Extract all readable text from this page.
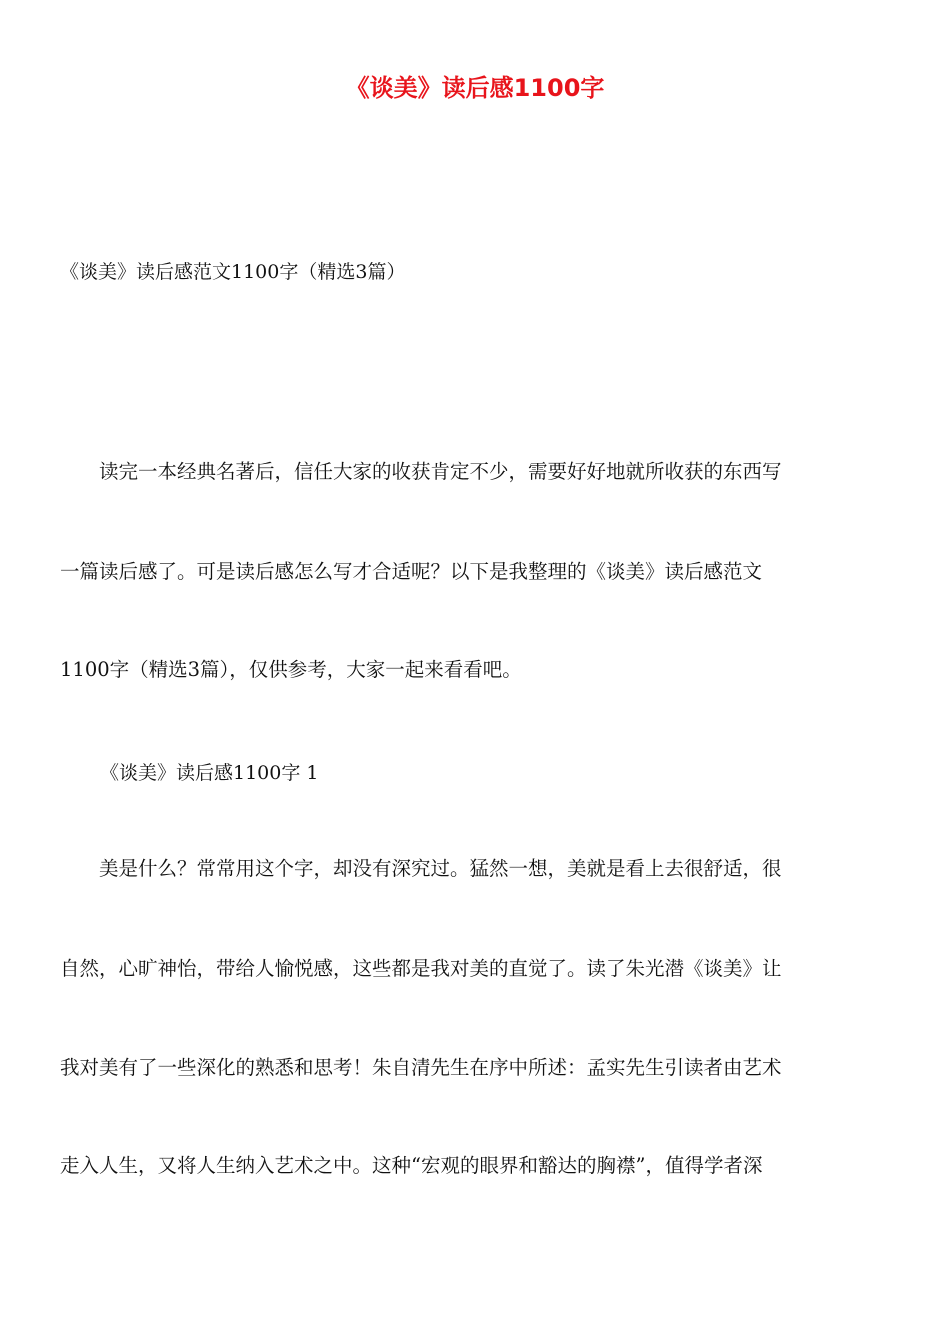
《谈美》读后感1100字

《谈美》读后感范文1100字（精选3篇）

　　读完一本经典名著后，信任大家的收获肯定不少，需要好好地就所收获的东西写

一篇读后感了。可是读后感怎么写才合适呢？以下是我整理的《谈美》读后感范文

1100字（精选3篇），仅供参考，大家一起来看看吧。

《谈美》读后感1100字 1

　　美是什么？常常用这个字，却没有深究过。猛然一想，美就是看上去很舒适，很

自然，心旷神怡，带给人愉悦感，这些都是我对美的直觉了。读了朱光潜《谈美》让

我对美有了一些深化的熟悉和思考！朱自清先生在序中所述：孟实先生引读者由艺术

走入人生，又将人生纳入艺术之中。这种“宏观的眼界和豁达的胸襟”，值得学者深
